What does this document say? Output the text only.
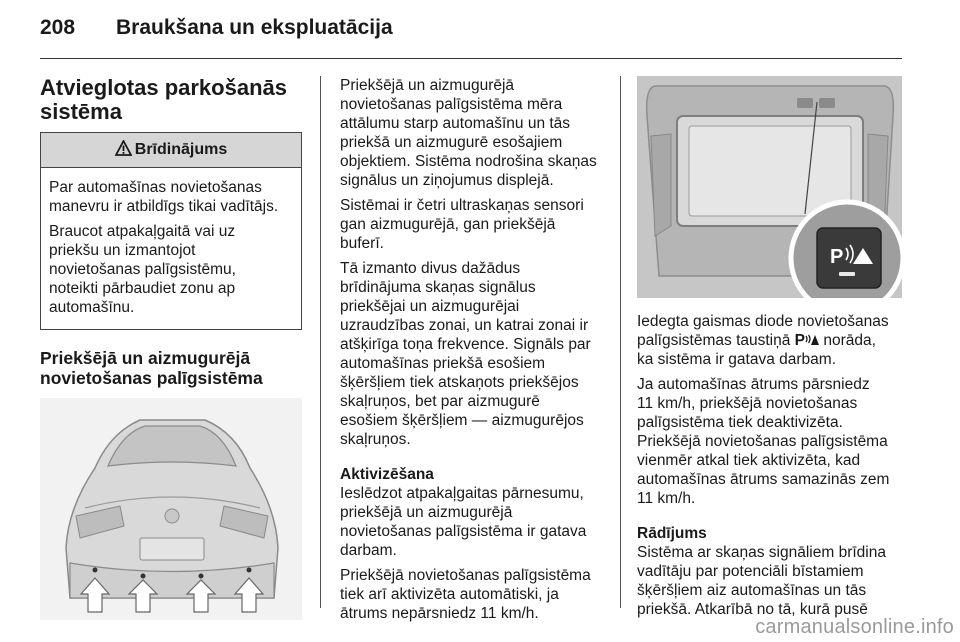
208 Braukšana un ekspluatācija
Atvieglotas parkošanās
sistēma
Brīdinājums
Par automašīnas novietošanas
manevru ir atbildīgs tikai vadītājs.
Braucot atpakaļgaitā vai uz
priekšu un izmantojot
novietošanas palīgsistēmu,
noteikti pārbaudiet zonu ap
automašīnu.
Priekšējā un aizmugurējā
novietošanas palīgsistēma
Priekšējā un aizmugurējā
novietošanas palīgsistēma mēra
attālumu starp automašīnu un tās
priekšā un aizmugurē esošajiem
objektiem. Sistēma nodrošina skaņas
signālus un ziņojumus displejā.
Sistēmai ir četri ultraskaņas sensori
gan aizmugurējā, gan priekšējā
buferī.
Tā izmanto divus dažādus
brīdinājuma skaņas signālus
priekšējai un aizmugurējai
uzraudzības zonai, un katrai zonai ir
atšķirīga toņa frekvence. Signāls par
automašīnas priekšā esošiem
šķēršļiem tiek atskaņots priekšējos
skaļruņos, bet par aizmugurē
esošiem šķēršļiem — aizmugurējos
skaļruņos.
Aktivizēšana
Ieslēdzot atpakaļgaitas pārnesumu,
priekšējā un aizmugurējā
novietošanas palīgsistēma ir gatava
darbam.
Priekšējā novietošanas palīgsistēma
tiek arī aktivizēta automātiski, ja
ātrums nepārsniedz 11 km/h.
P
Iedegta gaismas diode novietošanas
palīgsistēmas taustiņā P norāda,
ka sistēma ir gatava darbam.
Ja automašīnas ātrums pārsniedz
11 km/h, priekšējā novietošanas
palīgsistēma tiek deaktivizēta.
Priekšējā novietošanas palīgsistēma
vienmēr atkal tiek aktivizēta, kad
automašīnas ātrums samazinās zem
11 km/h.
Rādījums
Sistēma ar skaņas signāliem brīdina
vadītāju par potenciāli bīstamiem
šķēršļiem aiz automašīnas un tās
priekšā. Atkarībā no tā, kurā pusē
carmanualsonline.info
